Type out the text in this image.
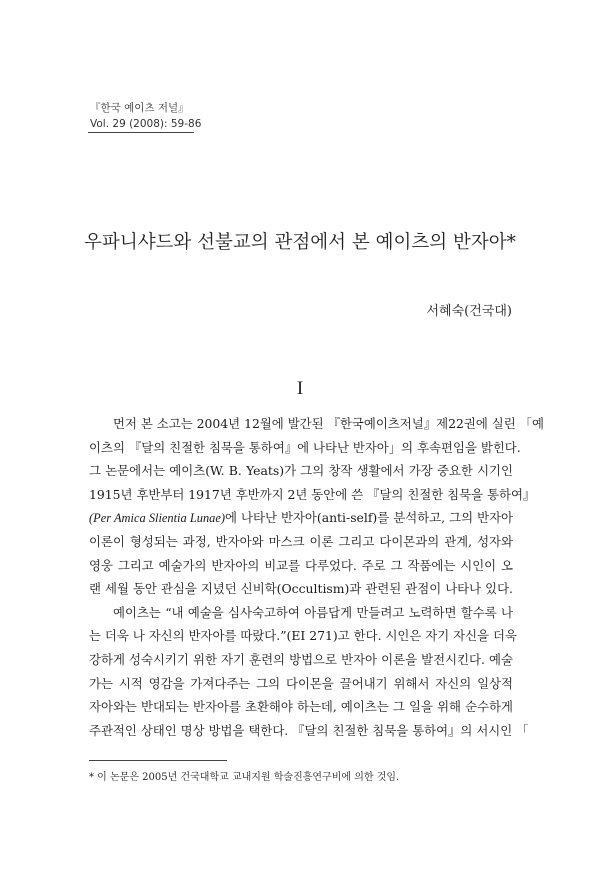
『한국 예이츠 저널』
Vol. 29 (2008): 59-86
우파니샤드와 선불교의 관점에서 본 예이츠의 반자아*
서혜숙(건국대)
I
먼저 본 소고는 2004년 12월에 발간된 『한국예이츠저널』제22권에 실린 「예
이츠의 『달의 친절한 침묵을 통하여』에 나타난 반자아」의 후속편임을 밝힌다.
그 논문에서는 예이츠(W. B. Yeats)가 그의 창작 생활에서 가장 중요한 시기인
1915년 후반부터 1917년 후반까지 2년 동안에 쓴 『달의 친절한 침묵을 통하여』
(Per Amica Slientia Lunae)에 나타난 반자아(anti-self)를 분석하고, 그의 반자아
이론이 형성되는 과정, 반자아와 마스크 이론 그리고 다이몬과의 관계, 성자와
영웅 그리고 예술가의 반자아의 비교를 다루었다. 주로 그 작품에는 시인이 오
랜 세월 동안 관심을 지녔던 신비학(Occultism)과 관련된 관점이 나타나 있다.
예이츠는 “내 예술을 심사숙고하여 아름답게 만들려고 노력하면 할수록 나
는 더욱 나 자신의 반자아를 따랐다.”(EI 271)고 한다. 시인은 자기 자신을 더욱
강하게 성숙시키기 위한 자기 훈련의 방법으로 반자아 이론을 발전시킨다. 예술
가는 시적 영감을 가져다주는 그의 다이몬을 끌어내기 위해서 자신의 일상적
자아와는 반대되는 반자아를 초환해야 하는데, 예이츠는 그 일을 위해 순수하게
주관적인 상태인 명상 방법을 택한다. 『달의 친절한 침묵을 통하여』의 서시인 「
* 이 논문은 2005년 건국대학교 교내지원 학술진흥연구비에 의한 것임.
